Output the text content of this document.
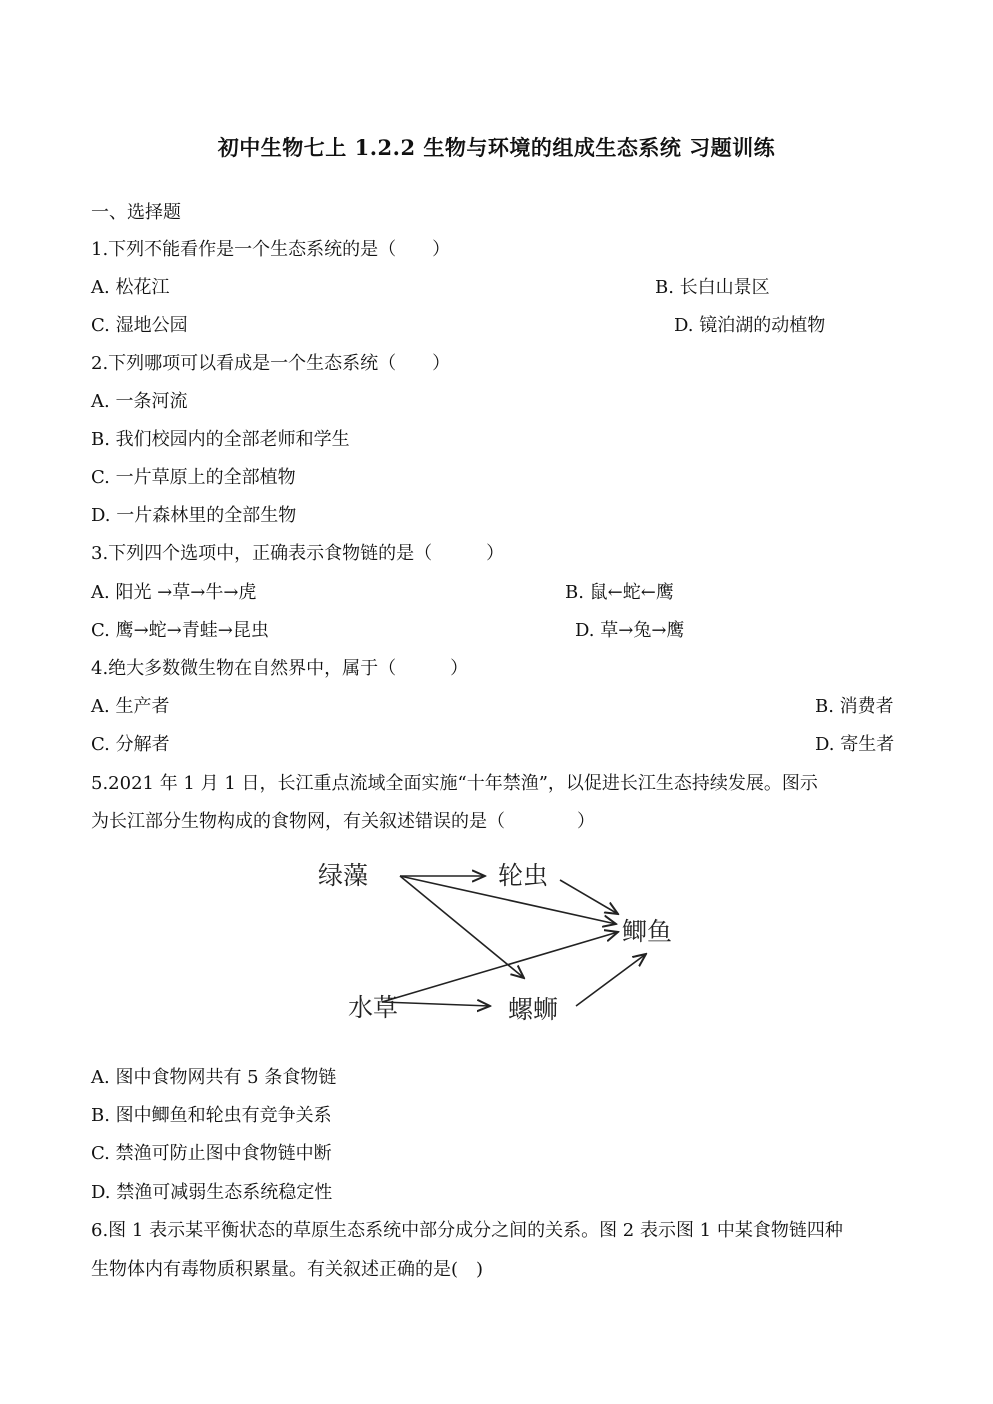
初中生物七上 1.2.2 生物与环境的组成生态系统 习题训练
一、选择题
1.下列不能看作是一个生态系统的是（　　）
A. 松花江	B. 长白山景区
C. 湿地公园	D. 镜泊湖的动植物
2.下列哪项可以看成是一个生态系统（　　）
A. 一条河流
B. 我们校园内的全部老师和学生
C. 一片草原上的全部植物
D. 一片森林里的全部生物
3.下列四个选项中，正确表示食物链的是（　　　）
A. 阳光 →草→牛→虎	B. 鼠←蛇←鹰
C. 鹰→蛇→青蛙→昆虫	D. 草→兔→鹰
4.绝大多数微生物在自然界中，属于（　　　）
A. 生产者	B. 消费者
C. 分解者	D. 寄生者
5.2021 年 1 月 1 日，长江重点流域全面实施“十年禁渔”，以促进长江生态持续发展。图示
为长江部分生物构成的食物网，有关叙述错误的是（　　　　）
绿藻	轮虫
鲫鱼
水草	螺蛳
A. 图中食物网共有 5 条食物链
B. 图中鲫鱼和轮虫有竞争关系
C. 禁渔可防止图中食物链中断
D. 禁渔可减弱生态系统稳定性
6.图 1 表示某平衡状态的草原生态系统中部分成分之间的关系。图 2 表示图 1 中某食物链四种
生物体内有毒物质积累量。有关叙述正确的是(　)
